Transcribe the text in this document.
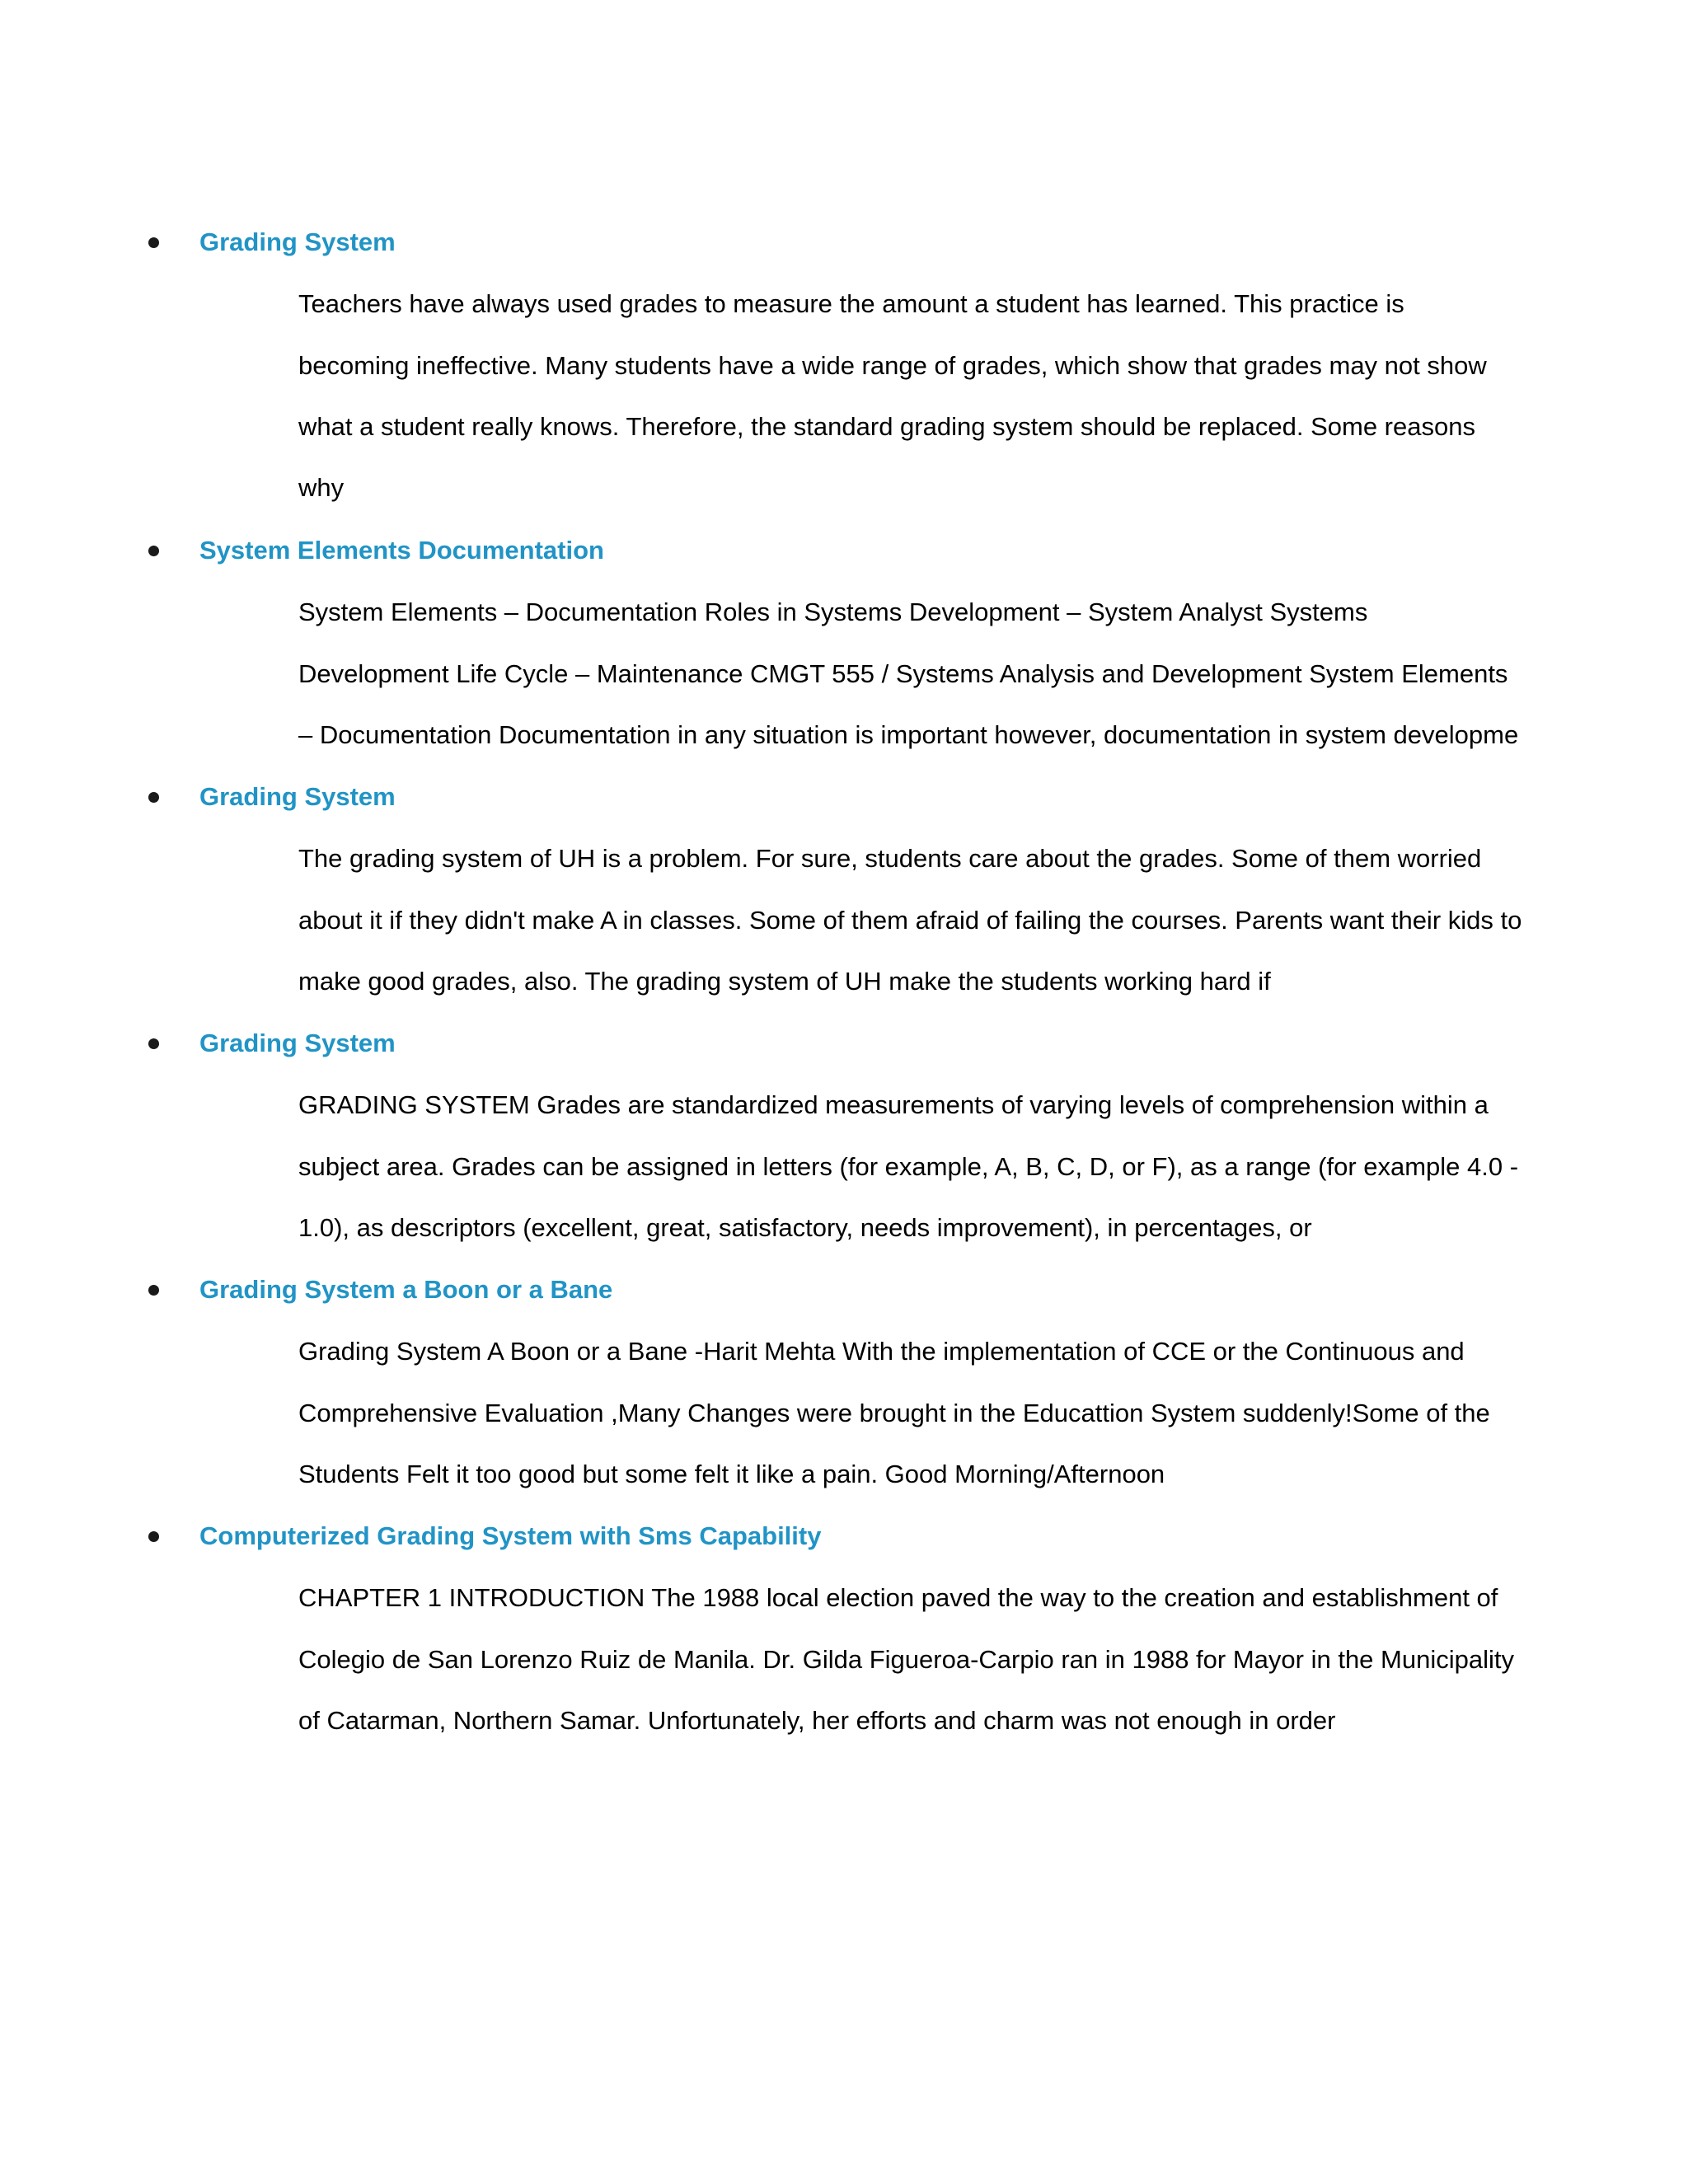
Grading System
Teachers have always used grades to measure the amount a student has learned. This practice is
becoming ineffective. Many students have a wide range of grades, which show that grades may not show
what a student really knows. Therefore, the standard grading system should be replaced. Some reasons
why
System Elements Documentation
System Elements – Documentation Roles in Systems Development – System Analyst Systems
Development Life Cycle – Maintenance CMGT 555 / Systems Analysis and Development System Elements
– Documentation Documentation in any situation is important however, documentation in system developme
Grading System
The grading system of UH is a problem. For sure, students care about the grades. Some of them worried
about it if they didn't make A in classes. Some of them afraid of failing the courses. Parents want their kids to
make good grades, also. The grading system of UH make the students working hard if
Grading System
GRADING SYSTEM Grades are standardized measurements of varying levels of comprehension within a
subject area. Grades can be assigned in letters (for example, A, B, C, D, or F), as a range (for example 4.0 -
1.0), as descriptors (excellent, great, satisfactory, needs improvement), in percentages, or
Grading System a Boon or a Bane
Grading System A Boon or a Bane -Harit Mehta With the implementation of CCE or the Continuous and
Comprehensive Evaluation ,Many Changes were brought in the Educattion System suddenly!Some of the
Students Felt it too good but some felt it like a pain. Good Morning/Afternoon
Computerized Grading System with Sms Capability
CHAPTER 1 INTRODUCTION The 1988 local election paved the way to the creation and establishment of
Colegio de San Lorenzo Ruiz de Manila. Dr. Gilda Figueroa-Carpio ran in 1988 for Mayor in the Municipality
of Catarman, Northern Samar. Unfortunately, her efforts and charm was not enough in order
